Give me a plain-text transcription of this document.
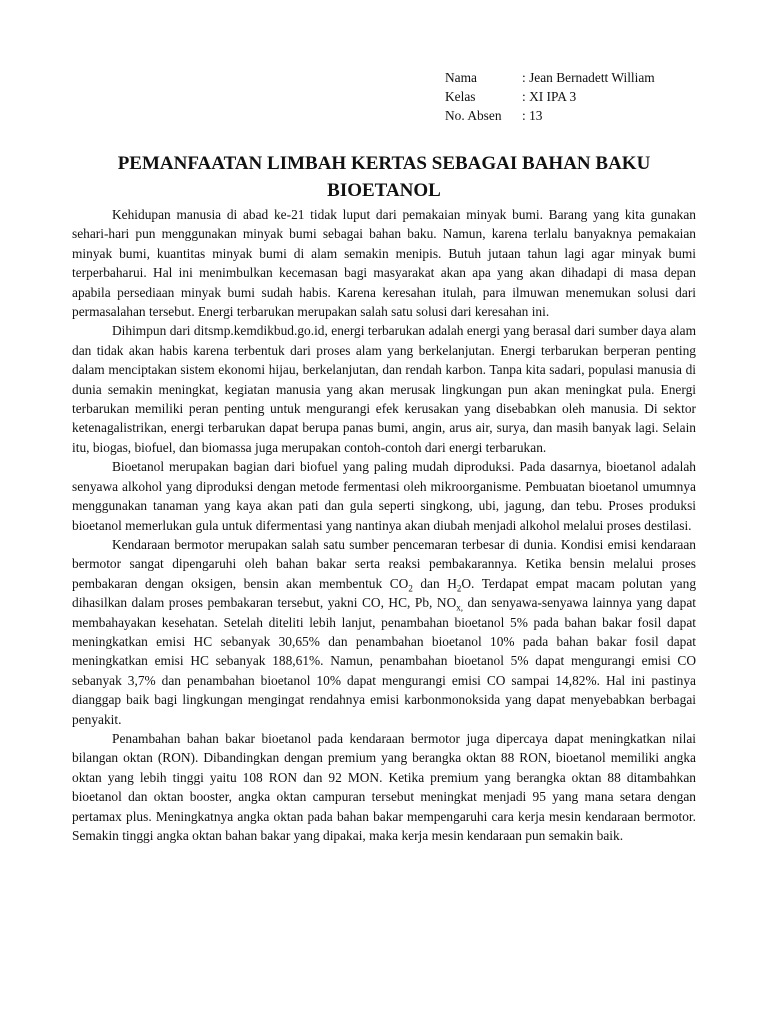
Nama	: Jean Bernadett William
Kelas	: XI IPA 3
No. Absen	: 13
PEMANFAATAN LIMBAH KERTAS SEBAGAI BAHAN BAKU
BIOETANOL

Kehidupan manusia di abad ke-21 tidak luput dari pemakaian minyak bumi. Barang yang kita gunakan sehari-hari pun menggunakan minyak bumi sebagai bahan baku. Namun, karena terlalu banyaknya pemakaian minyak bumi, kuantitas minyak bumi di alam semakin menipis. Butuh jutaan tahun lagi agar minyak bumi terperbaharui. Hal ini menimbulkan kecemasan bagi masyarakat akan apa yang akan dihadapi di masa depan apabila persediaan minyak bumi sudah habis. Karena keresahan itulah, para ilmuwan menemukan solusi dari permasalahan tersebut. Energi terbarukan merupakan salah satu solusi dari keresahan ini.

Dihimpun dari ditsmp.kemdikbud.go.id, energi terbarukan adalah energi yang berasal dari sumber daya alam dan tidak akan habis karena terbentuk dari proses alam yang berkelanjutan. Energi terbarukan berperan penting dalam menciptakan sistem ekonomi hijau, berkelanjutan, dan rendah karbon. Tanpa kita sadari, populasi manusia di dunia semakin meningkat, kegiatan manusia yang akan merusak lingkungan pun akan meningkat pula. Energi terbarukan memiliki peran penting untuk mengurangi efek kerusakan yang disebabkan oleh manusia. Di sektor ketenagalistrikan, energi terbarukan dapat berupa panas bumi, angin, arus air, surya, dan masih banyak lagi. Selain itu, biogas, biofuel, dan biomassa juga merupakan contoh-contoh dari energi terbarukan.

Bioetanol merupakan bagian dari biofuel yang paling mudah diproduksi. Pada dasarnya, bioetanol adalah senyawa alkohol yang diproduksi dengan metode fermentasi oleh mikroorganisme. Pembuatan bioetanol umumnya menggunakan tanaman yang kaya akan pati dan gula seperti singkong, ubi, jagung, dan tebu. Proses produksi bioetanol memerlukan gula untuk difermentasi yang nantinya akan diubah menjadi alkohol melalui proses destilasi.

Kendaraan bermotor merupakan salah satu sumber pencemaran terbesar di dunia. Kondisi emisi kendaraan bermotor sangat dipengaruhi oleh bahan bakar serta reaksi pembakarannya. Ketika bensin melalui proses pembakaran dengan oksigen, bensin akan membentuk $CO_2$ dan $H_2O$. Terdapat empat macam polutan yang dihasilkan dalam proses pembakaran tersebut, yakni CO, HC, Pb, $NO_{x,}$ dan senyawa-senyawa lainnya yang dapat membahayakan kesehatan. Setelah diteliti lebih lanjut, penambahan bioetanol 5% pada bahan bakar fosil dapat meningkatkan emisi HC sebanyak 30,65% dan penambahan bioetanol 10% pada bahan bakar fosil dapat meningkatkan emisi HC sebanyak 188,61%. Namun, penambahan bioetanol 5% dapat mengurangi emisi CO sebanyak 3,7% dan penambahan bioetanol 10% dapat mengurangi emisi CO sampai 14,82%. Hal ini pastinya dianggap baik bagi lingkungan mengingat rendahnya emisi karbonmonoksida yang dapat menyebabkan berbagai penyakit.

Penambahan bahan bakar bioetanol pada kendaraan bermotor juga dipercaya dapat meningkatkan nilai bilangan oktan (RON). Dibandingkan dengan premium yang berangka oktan 88 RON, bioetanol memiliki angka oktan yang lebih tinggi yaitu 108 RON dan 92 MON. Ketika premium yang berangka oktan 88 ditambahkan bioetanol dan oktan booster, angka oktan campuran tersebut meningkat menjadi 95 yang mana setara dengan pertamax plus. Meningkatnya angka oktan pada bahan bakar mempengaruhi cara kerja mesin kendaraan bermotor. Semakin tinggi angka oktan bahan bakar yang dipakai, maka kerja mesin kendaraan pun semakin baik.
